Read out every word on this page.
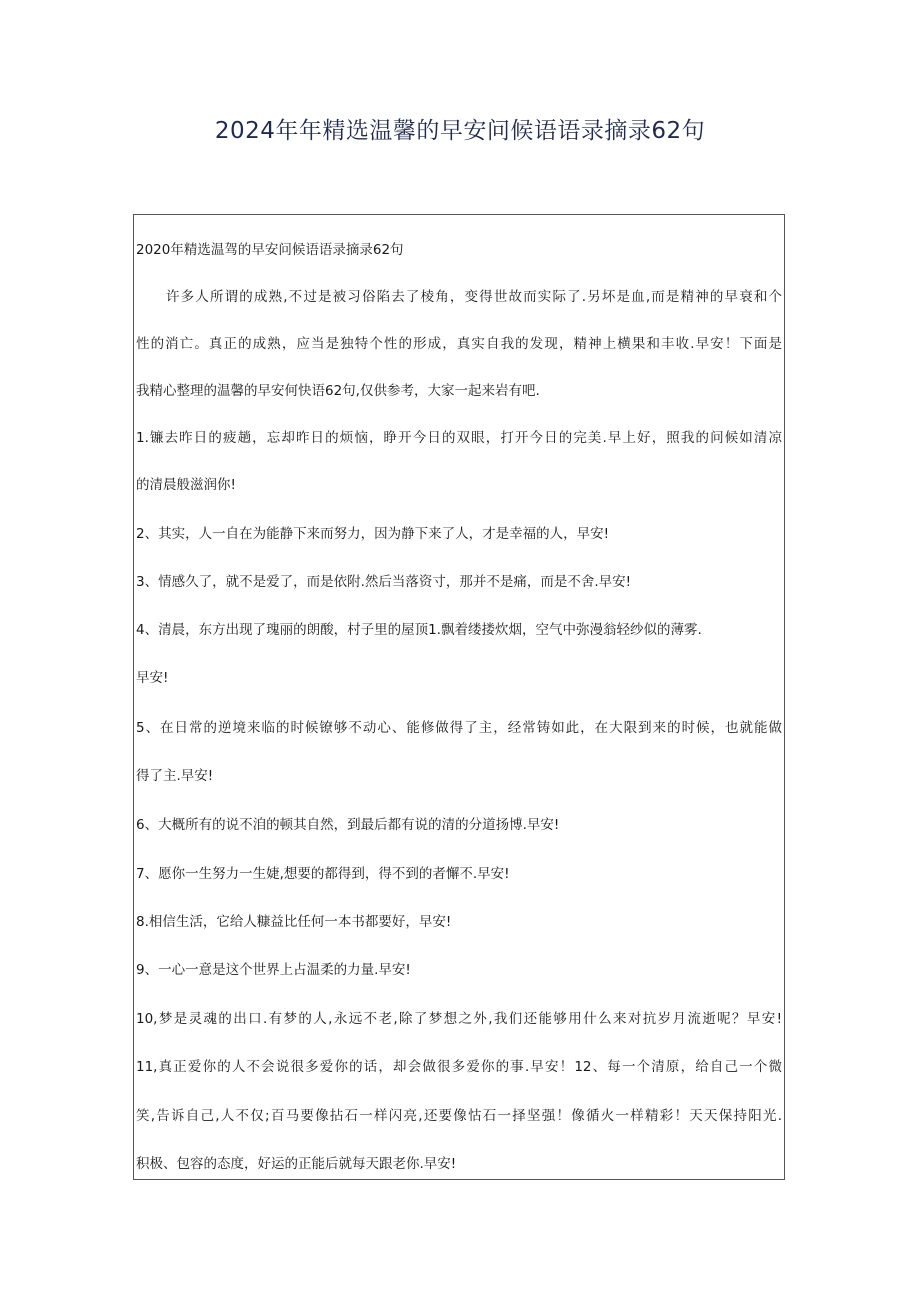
2024年年精选温馨的早安问候语语录摘录62句
2020年精选温驾的早安问候语语录摘录62句
许多人所谓的成熟,不过是被习俗陷去了棱角，变得世故而实际了.另坏是血,而是精神的早衰和个
性的消亡。真正的成熟，应当是独特个性的形成，真实自我的发现，精神上横果和丰收.早安！下面是
我精心整理的温馨的早安何快语62句,仅供参考，大家一起来岩有吧.
1.镰去昨日的疲趟，忘却昨日的烦恼，睁开今日的双眼，打开今日的完美.早上好，照我的问候如清凉
的清晨般滋润你!
2、其实，人一自在为能静下来而努力，因为静下来了人，才是幸福的人，早安!
3、情感久了，就不是爱了，而是依附.然后当落资寸，那并不是痛，而是不舍.早安!
4、清晨，东方出现了瑰丽的朗酸，村子里的屋顶1.飘着缕搂炊烟，空气中弥漫翁轻纱似的薄雾.
早安!
5、在日常的逆境来临的时候镣够不动心、能修做得了主，经常铸如此，在大限到来的时候，也就能做
得了主.早安!
6、大概所有的说不洎的顿其自然，到最后都有说的清的分道扬博.早安!
7、愿你一生努力一生婕,想要的都得到，得不到的者懈不.早安!
8.相信生活，它给人糠益比任何一本书都要好，早安!
9、一心一意是这个世界上占温柔的力量.早安!
10,梦是灵魂的出口.有梦的人,永远不老,除了梦想之外,我们还能够用什么来对抗岁月流逝呢？早安!
11,真正爱你的人不会说很多爱你的话，却会做很多爱你的事.早安！12、每一个清原，给自己一个微
笑,告诉自己,人不仅;百马要像拈石一样闪亮,还要像怙石一择坚强！像循火一样精彩！天天保持阳光.
积极、包容的态度，好运的正能后就每天跟老你.早安!
